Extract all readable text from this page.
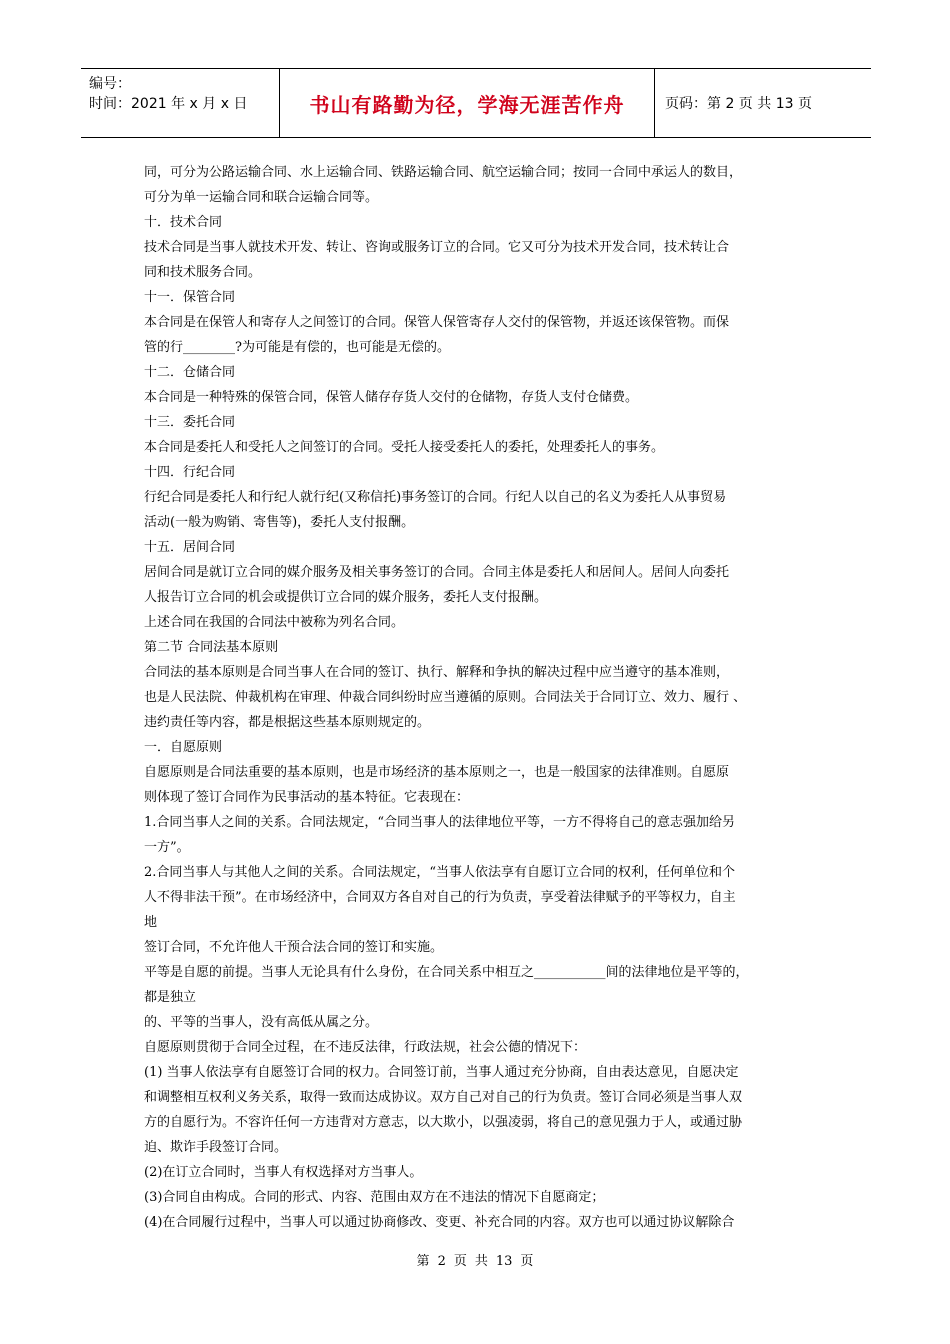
编号：
时间：2021 年 x 月 x 日	书山有路勤为径，学海无涯苦作舟	页码：第 2 页 共 13 页
同，可分为公路运输合同、水上运输合同、铁路运输合同、航空运输合同；按同一合同中承运人的数目，
可分为单一运输合同和联合运输合同等。
十．技术合同
技术合同是当事人就技术开发、转让、咨询或服务订立的合同。它又可分为技术开发合同，技术转让合
同和技术服务合同。
十一．保管合同
本合同是在保管人和寄存人之间签订的合同。保管人保管寄存人交付的保管物，并返还该保管物。而保
管的行________?为可能是有偿的，也可能是无偿的。
十二．仓储合同
本合同是一种特殊的保管合同，保管人储存存货人交付的仓储物，存货人支付仓储费。
十三．委托合同
本合同是委托人和受托人之间签订的合同。受托人接受委托人的委托，处理委托人的事务。
十四．行纪合同
行纪合同是委托人和行纪人就行纪(又称信托)事务签订的合同。行纪人以自己的名义为委托人从事贸易
活动(一般为购销、寄售等)，委托人支付报酬。
十五．居间合同
居间合同是就订立合同的媒介服务及相关事务签订的合同。合同主体是委托人和居间人。居间人向委托
人报告订立合同的机会或提供订立合同的媒介服务，委托人支付报酬。
上述合同在我国的合同法中被称为列名合同。
第二节 合同法基本原则
合同法的基本原则是合同当事人在合同的签订、执行、解释和争执的解决过程中应当遵守的基本准则，
也是人民法院、仲裁机构在审理、仲裁合同纠纷时应当遵循的原则。合同法关于合同订立、效力、履行 、
违约责任等内容，都是根据这些基本原则规定的。
一．自愿原则
自愿原则是合同法重要的基本原则，也是市场经济的基本原则之一，也是一般国家的法律准则。自愿原
则体现了签订合同作为民事活动的基本特征。它表现在：
1.合同当事人之间的关系。合同法规定，“合同当事人的法律地位平等，一方不得将自己的意志强加给另
一方”。
2.合同当事人与其他人之间的关系。合同法规定，“当事人依法享有自愿订立合同的权利，任何单位和个
人不得非法干预”。在市场经济中，合同双方各自对自己的行为负责，享受着法律赋予的平等权力，自主
地
签订合同，不允许他人干预合法合同的签订和实施。
平等是自愿的前提。当事人无论具有什么身份，在合同关系中相互之___________间的法律地位是平等的，
都是独立
的、平等的当事人，没有高低从属之分。
自愿原则贯彻于合同全过程，在不违反法律，行政法规，社会公德的情况下：
(1) 当事人依法享有自愿签订合同的权力。合同签订前，当事人通过充分协商，自由表达意见，自愿决定
和调整相互权利义务关系，取得一致而达成协议。双方自己对自己的行为负责。签订合同必须是当事人双
方的自愿行为。不容许任何一方违背对方意志，以大欺小，以强凌弱，将自己的意见强力于人，或通过胁
迫、欺诈手段签订合同。
(2)在订立合同时，当事人有权选择对方当事人。
(3)合同自由构成。合同的形式、内容、范围由双方在不违法的情况下自愿商定；
(4)在合同履行过程中，当事人可以通过协商修改、变更、补充合同的内容。双方也可以通过协议解除合
第 2 页 共 13 页
